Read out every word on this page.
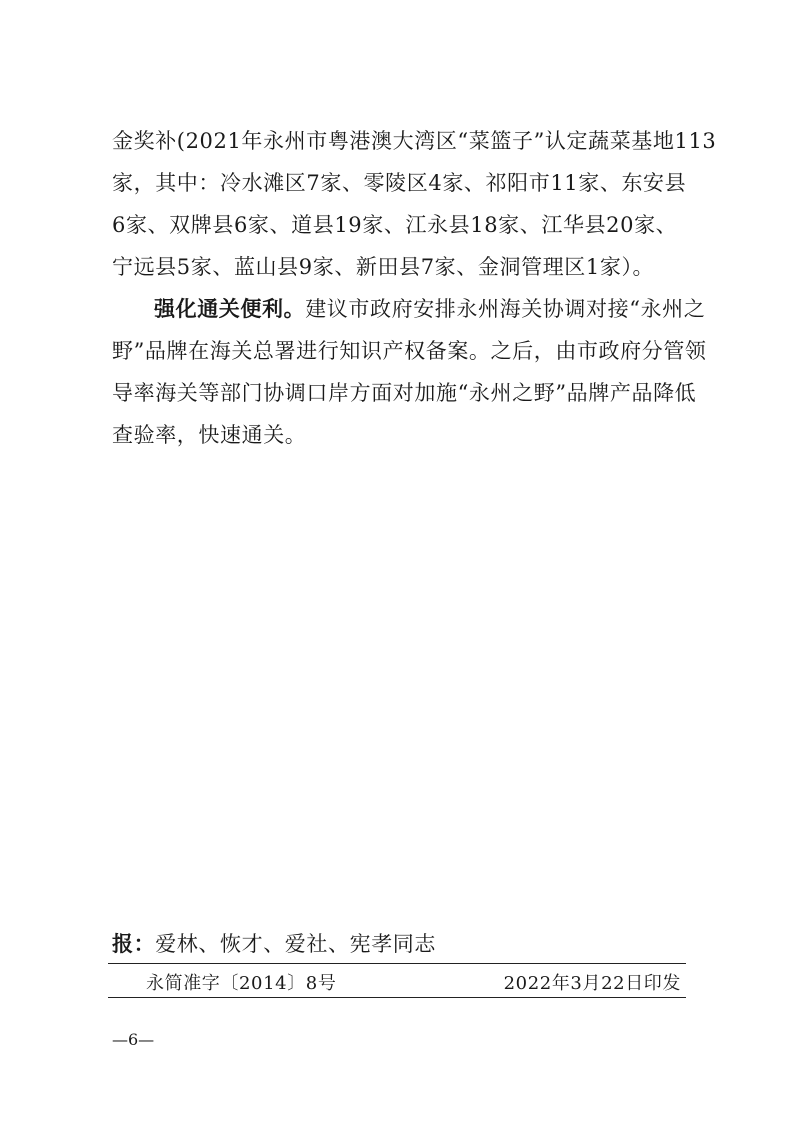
金奖补(2021年永州市粤港澳大湾区“菜篮子”认定蔬菜基地113
家，其中：冷水滩区7家、零陵区4家、祁阳市11家、东安县
6家、双牌县6家、道县19家、江永县18家、江华县20家、
宁远县5家、蓝山县9家、新田县7家、金洞管理区1家）。
强化通关便利。建议市政府安排永州海关协调对接“永州之
野”品牌在海关总署进行知识产权备案。之后，由市政府分管领
导率海关等部门协调口岸方面对加施“永州之野”品牌产品降低
查验率，快速通关。
报：爱林、恢才、爱社、宪孝同志
永简准字〔2014〕8号	2022年3月22日印发
—6—
